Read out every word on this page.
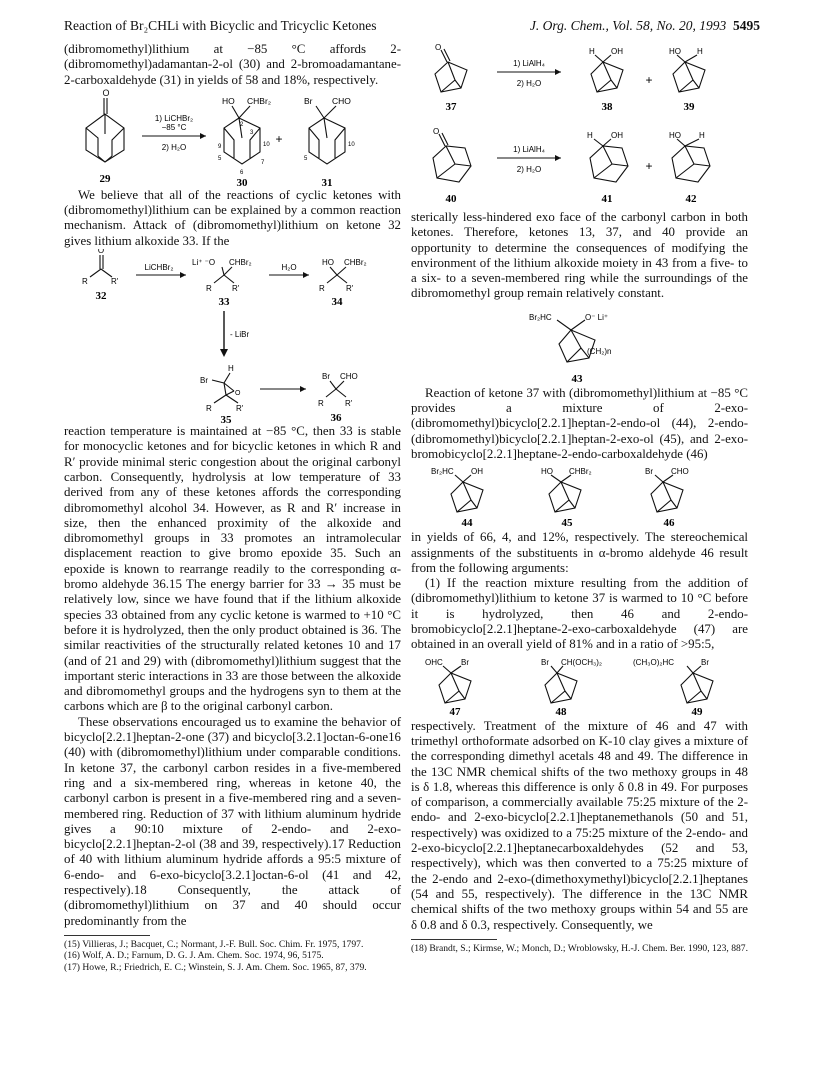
Reaction of Br₂CHLi with Bicyclic and Tricyclic Ketones	J. Org. Chem., Vol. 58, No. 20, 1993 5495

(dibromomethyl)lithium at −85 °C affords 2-(dibromomethyl)adamantan-2-ol (30) and 2-bromoadamantane-2-carboxaldehyde (31) in yields of 58 and 18%, respectively.

O
29
1) LiCHBr₂
−85 °C
2) H₂O
HO CHBr₂
2
3
10
9
5
6
7
30
+
Br CHO
10
5
31

We believe that all of the reactions of cyclic ketones with (dibromomethyl)lithium can be explained by a common reaction mechanism. Attack of (dibromomethyl)lithium on ketone 32 gives lithium alkoxide 33. If the

O
R	R'
32
LiCHBr₂
Li⁺ ⁻O CHBr₂
R	R'
33
H₂O
HO CHBr₂
R	R'
34
- LiBr
H
Br
O
R	R'
35
Br CHO
R	R'
36

reaction temperature is maintained at −85 °C, then 33 is stable for monocyclic ketones and for bicyclic ketones in which R and R′ provide minimal steric congestion about the original carbonyl carbon. Consequently, hydrolysis at low temperature of 33 derived from any of these ketones affords the corresponding dibromomethyl alcohol 34. However, as R and R′ increase in size, then the enhanced proximity of the alkoxide and dibromomethyl groups in 33 promotes an intramolecular displacement reaction to give bromo epoxide 35. Such an epoxide is known to rearrange readily to the corresponding α-bromo aldehyde 36.15 The energy barrier for 33 → 35 must be relatively low, since we have found that if the lithium alkoxide species 33 obtained from any cyclic ketone is warmed to +10 °C before it is hydrolyzed, then the only product obtained is 36. The similar reactivities of the structurally related ketones 10 and 17 (and of 21 and 29) with (dibromomethyl)lithium suggest that the important steric interactions in 33 are those between the alkoxide and dibromomethyl groups and the hydrogens syn to them at the carbons which are β to the original carbonyl carbon.

These observations encouraged us to examine the behavior of bicyclo[2.2.1]heptan-2-one (37) and bicyclo[3.2.1]octan-6-one16 (40) with (dibromomethyl)lithium under comparable conditions. In ketone 37, the carbonyl carbon resides in a five-membered ring and a six-membered ring, whereas in ketone 40, the carbonyl carbon is present in a five-membered ring and a seven-membered ring. Reduction of 37 with lithium aluminum hydride gives a 90:10 mixture of 2-endo- and 2-exo-bicyclo[2.2.1]heptan-2-ol (38 and 39, respectively).17 Reduction of 40 with lithium aluminum hydride affords a 95:5 mixture of 6-endo- and 6-exo-bicyclo[3.2.1]octan-6-ol (41 and 42, respectively).18 Consequently, the attack of (dibromomethyl)lithium on 37 and 40 should occur predominantly from the

(15) Villieras, J.; Bacquet, C.; Normant, J.-F. Bull. Soc. Chim. Fr. 1975, 1797.

(16) Wolf, A. D.; Farnum, D. G. J. Am. Chem. Soc. 1974, 96, 5175.

(17) Howe, R.; Friedrich, E. C.; Winstein, S. J. Am. Chem. Soc. 1965, 87, 379.

O
37
1) LiAlH₄
2) H₂O
H OH
38
+
HO H
39
O
40
1) LiAlH₄
2) H₂O
H OH
41
+
HO H
42

sterically less-hindered exo face of the carbonyl carbon in both ketones. Therefore, ketones 13, 37, and 40 provide an opportunity to determine the consequences of modifying the environment of the lithium alkoxide moiety in 43 from a five- to a six- to a seven-membered ring while the surroundings of the dibromomethyl group remain relatively constant.

Br₂HC	O⁻ Li⁺
(CH₂)n
43

Reaction of ketone 37 with (dibromomethyl)lithium at −85 °C provides a mixture of 2-exo-(dibromomethyl)bicyclo[2.2.1]heptan-2-endo-ol (44), 2-endo-(dibromomethyl)bicyclo[2.2.1]heptan-2-exo-ol (45), and 2-exo-bromobicyclo[2.2.1]heptane-2-endo-carboxaldehyde (46)

Br₂HC OH
44
HO CHBr₂
45
Br CHO
46

in yields of 66, 4, and 12%, respectively. The stereochemical assignments of the substituents in α-bromo aldehyde 46 result from the following arguments:

(1) If the reaction mixture resulting from the addition of (dibromomethyl)lithium to ketone 37 is warmed to 10 °C before it is hydrolyzed, then 46 and 2-endo-bromobicyclo[2.2.1]heptane-2-exo-carboxaldehyde (47) are obtained in an overall yield of 81% and in a ratio of >95:5,

OHC Br
47
Br CH(OCH₃)₂
48
(CH₃O)₂HC	Br
49

respectively. Treatment of the mixture of 46 and 47 with trimethyl orthoformate adsorbed on K-10 clay gives a mixture of the corresponding dimethyl acetals 48 and 49. The difference in the 13C NMR chemical shifts of the two methoxy groups in 48 is δ 1.8, whereas this difference is only δ 0.8 in 49. For purposes of comparison, a commercially available 75:25 mixture of the 2-endo- and 2-exo-bicyclo[2.2.1]heptanemethanols (50 and 51, respectively) was oxidized to a 75:25 mixture of the 2-endo- and 2-exo-bicyclo[2.2.1]heptanecarboxaldehydes (52 and 53, respectively), which was then converted to a 75:25 mixture of the 2-endo and 2-exo-(dimethoxymethyl)bicyclo[2.2.1]heptanes (54 and 55, respectively). The difference in the 13C NMR chemical shifts of the two methoxy groups within 54 and 55 are δ 0.8 and δ 0.3, respectively. Consequently, we

(18) Brandt, S.; Kirmse, W.; Monch, D.; Wroblowsky, H.-J. Chem. Ber. 1990, 123, 887.
